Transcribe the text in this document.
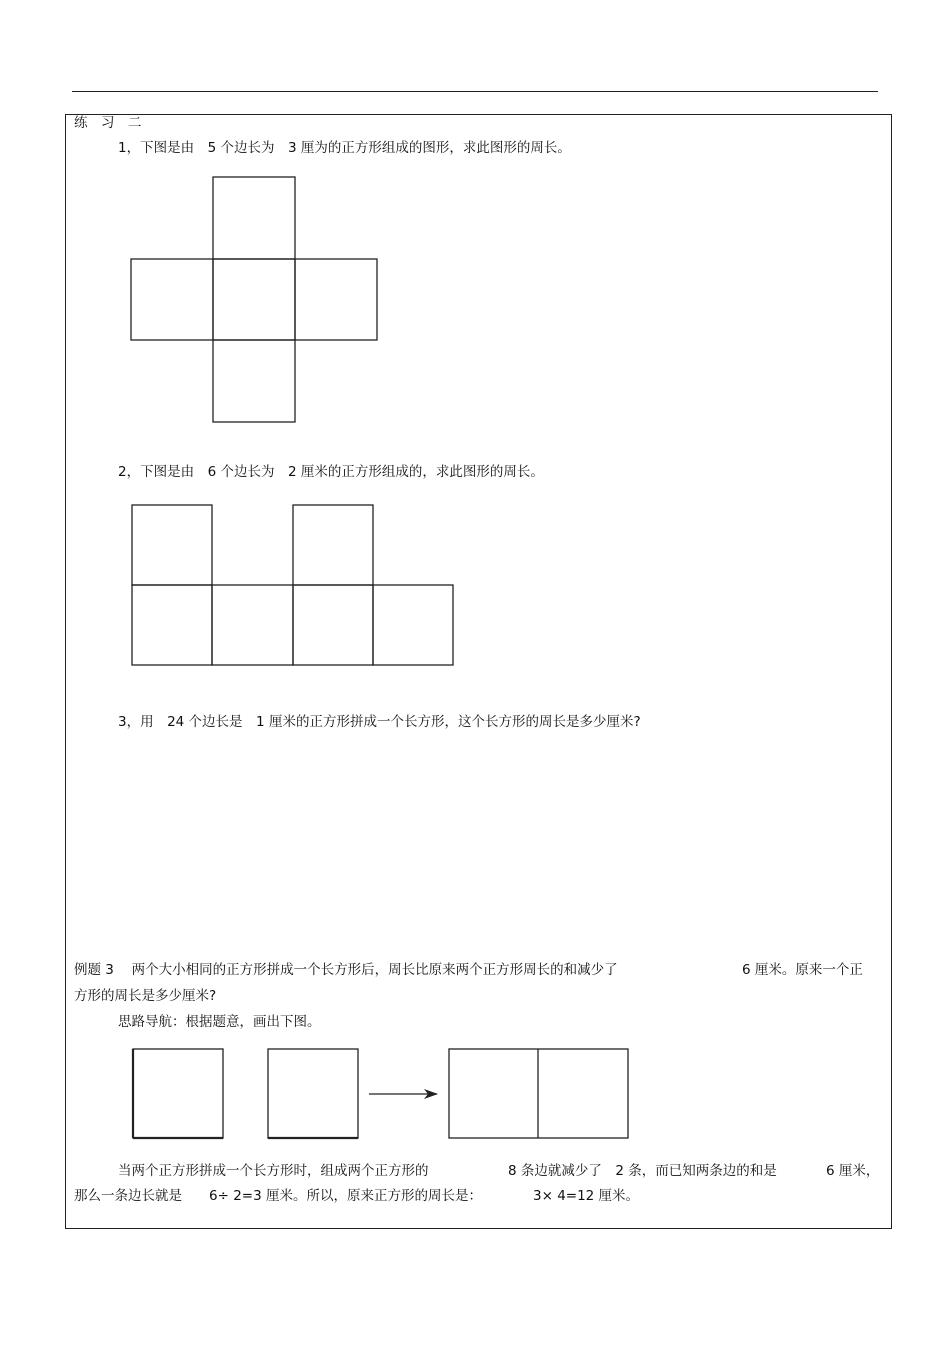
练　习　二
1，下图是由　5 个边长为　3 厘为的正方形组成的图形，求此图形的周长。
2，下图是由　6 个边长为　2 厘米的正方形组成的，求此图形的周长。
3，用　24 个边长是　1 厘米的正方形拼成一个长方形，这个长方形的周长是多少厘米?
例题 3　 两个大小相同的正方形拼成一个长方形后，周长比原来两个正方形周长的和减少了	6 厘米。原来一个正
方形的周长是多少厘米?
思路导航：根据题意，画出下图。
当两个正方形拼成一个长方形时，组成两个正方形的	8 条边就减少了　2 条，而已知两条边的和是	6 厘米，
那么一条边长就是 6÷ 2=3 厘米。所以，原来正方形的周长是：	3× 4=12 厘米。
